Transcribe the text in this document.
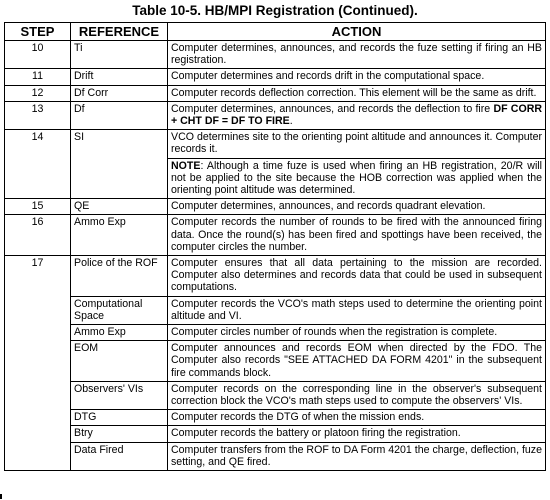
Table 10-5. HB/MPI Registration (Continued).
STEP	REFERENCE	ACTION
10	Ti	Computer determines, announces, and records the fuze setting if firing an HB registration.
11	Drift	Computer determines and records drift in the computational space.
12	Df Corr	Computer records deflection correction. This element will be the same as drift.
13	Df	Computer determines, announces, and records the deflection to fire DF CORR + CHT DF = DF TO FIRE.
14	SI	VCO determines site to the orienting point altitude and announces it. Computer records it.
		NOTE: Although a time fuze is used when firing an HB registration, 20/R will not be applied to the site because the HOB correction was applied when the orienting point altitude was determined.
15	QE	Computer determines, announces, and records quadrant elevation.
16	Ammo Exp	Computer records the number of rounds to be fired with the announced firing data. Once the round(s) has been fired and spottings have been received, the computer circles the number.
17	Police of the ROF	Computer ensures that all data pertaining to the mission are recorded. Computer also determines and records data that could be used in subsequent computations.
	Computational Space	Computer records the VCO's math steps used to determine the orienting point altitude and VI.
	Ammo Exp	Computer circles number of rounds when the registration is complete.
	EOM	Computer announces and records EOM when directed by the FDO. The Computer also records "SEE ATTACHED DA FORM 4201" in the subsequent fire commands block.
	Observers' VIs	Computer records on the corresponding line in the observer's subsequent correction block the VCO's math steps used to compute the observers' VIs.
	DTG	Computer records the DTG of when the mission ends.
	Btry	Computer records the battery or platoon firing the registration.
	Data Fired	Computer transfers from the ROF to DA Form 4201 the charge, deflection, fuze setting, and QE fired.
